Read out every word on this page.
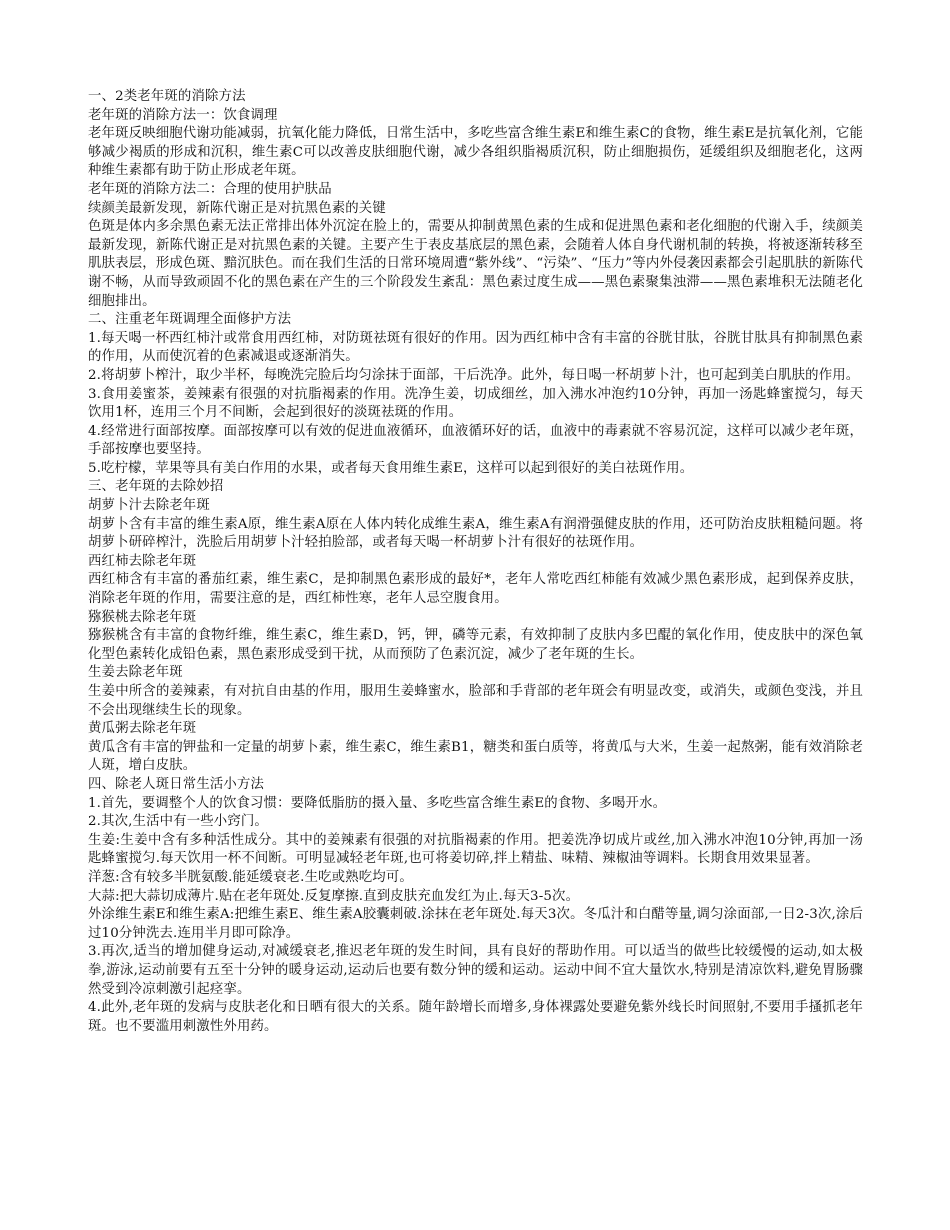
一、2类老年斑的消除方法

老年斑的消除方法一：饮食调理

老年斑反映细胞代谢功能减弱，抗氧化能力降低，日常生活中，多吃些富含维生素E和维生素C的食物，维生素E是抗氧化剂，它能够减少褐质的形成和沉积，维生素C可以改善皮肤细胞代谢，减少各组织脂褐质沉积，防止细胞损伤，延缓组织及细胞老化，这两种维生素都有助于防止形成老年斑。

老年斑的消除方法二：合理的使用护肤品

续颜美最新发现，新陈代谢正是对抗黑色素的关键

色斑是体内多余黑色素无法正常排出体外沉淀在脸上的，需要从抑制黄黑色素的生成和促进黑色素和老化细胞的代谢入手，续颜美最新发现，新陈代谢正是对抗黑色素的关键。主要产生于表皮基底层的黑色素，会随着人体自身代谢机制的转换，将被逐渐转移至肌肤表层，形成色斑、黯沉肤色。而在我们生活的日常环境周遭“紫外线”、“污染”、“压力”等内外侵袭因素都会引起肌肤的新陈代谢不畅，从而导致顽固不化的黑色素在产生的三个阶段发生紊乱：黑色素过度生成——黑色素聚集浊滞——黑色素堆积无法随老化细胞排出。

二、注重老年斑调理全面修护方法

1.每天喝一杯西红柿汁或常食用西红柿，对防斑祛斑有很好的作用。因为西红柿中含有丰富的谷胱甘肽，谷胱甘肽具有抑制黑色素的作用，从而使沉着的色素减退或逐渐消失。

2.将胡萝卜榨汁，取少半杯，每晚洗完脸后均匀涂抹于面部，干后洗净。此外，每日喝一杯胡萝卜汁，也可起到美白肌肤的作用。

3.食用姜蜜茶，姜辣素有很强的对抗脂褐素的作用。洗净生姜，切成细丝，加入沸水冲泡约10分钟，再加一汤匙蜂蜜搅匀，每天饮用1杯，连用三个月不间断，会起到很好的淡斑祛斑的作用。

4.经常进行面部按摩。面部按摩可以有效的促进血液循环，血液循环好的话，血液中的毒素就不容易沉淀，这样可以减少老年斑，手部按摩也要坚持。

5.吃柠檬，苹果等具有美白作用的水果，或者每天食用维生素E，这样可以起到很好的美白祛斑作用。

三、老年斑的去除妙招

胡萝卜汁去除老年斑

胡萝卜含有丰富的维生素A原，维生素A原在人体内转化成维生素A，维生素A有润滑强健皮肤的作用，还可防治皮肤粗糙问题。将胡萝卜研碎榨汁，洗脸后用胡萝卜汁轻拍脸部，或者每天喝一杯胡萝卜汁有很好的祛斑作用。

西红柿去除老年斑

西红柿含有丰富的番茄红素，维生素C，是抑制黑色素形成的最好*，老年人常吃西红柿能有效减少黑色素形成，起到保养皮肤，消除老年斑的作用，需要注意的是，西红柿性寒，老年人忌空腹食用。

猕猴桃去除老年斑

猕猴桃含有丰富的食物纤维，维生素C，维生素D，钙，钾，磷等元素，有效抑制了皮肤内多巴醌的氧化作用，使皮肤中的深色氧化型色素转化成铅色素，黑色素形成受到干扰，从而预防了色素沉淀，减少了老年斑的生长。

生姜去除老年斑

生姜中所含的姜辣素，有对抗自由基的作用，服用生姜蜂蜜水，脸部和手背部的老年斑会有明显改变，或消失，或颜色变浅，并且不会出现继续生长的现象。

黄瓜粥去除老年斑

黄瓜含有丰富的钾盐和一定量的胡萝卜素，维生素C，维生素B1，糖类和蛋白质等，将黄瓜与大米，生姜一起熬粥，能有效消除老人斑，增白皮肤。

四、除老人斑日常生活小方法

1.首先，要调整个人的饮食习惯：要降低脂肪的摄入量、多吃些富含维生素E的食物、多喝开水。

2.其次,生活中有一些小窍门。

生姜:生姜中含有多种活性成分。其中的姜辣素有很强的对抗脂褐素的作用。把姜洗净切成片或丝,加入沸水冲泡10分钟,再加一汤匙蜂蜜搅匀.每天饮用一杯不间断。可明显减轻老年斑,也可将姜切碎,拌上精盐、味精、辣椒油等调料。长期食用效果显著。

洋葱:含有较多半胱氨酸.能延缓衰老.生吃或熟吃均可。

大蒜:把大蒜切成薄片.贴在老年斑处.反复摩擦.直到皮肤充血发红为止.每天3-5次。

外涂维生素E和维生素A:把维生素E、维生素A胶囊刺破.涂抹在老年斑处.每天3次。冬瓜汁和白醋等量,调匀涂面部,一日2-3次,涂后过10分钟洗去.连用半月即可除净。

3.再次,适当的增加健身运动,对减缓衰老,推迟老年斑的发生时间，具有良好的帮助作用。可以适当的做些比较缓慢的运动,如太极拳,游泳,运动前要有五至十分钟的暖身运动,运动后也要有数分钟的缓和运动。运动中间不宜大量饮水,特别是清凉饮料,避免胃肠骤然受到冷凉刺激引起痉挛。

4.此外,老年斑的发病与皮肤老化和日晒有很大的关系。随年龄增长而增多,身体裸露处要避免紫外线长时间照射,不要用手搔抓老年斑。也不要滥用刺激性外用药。
